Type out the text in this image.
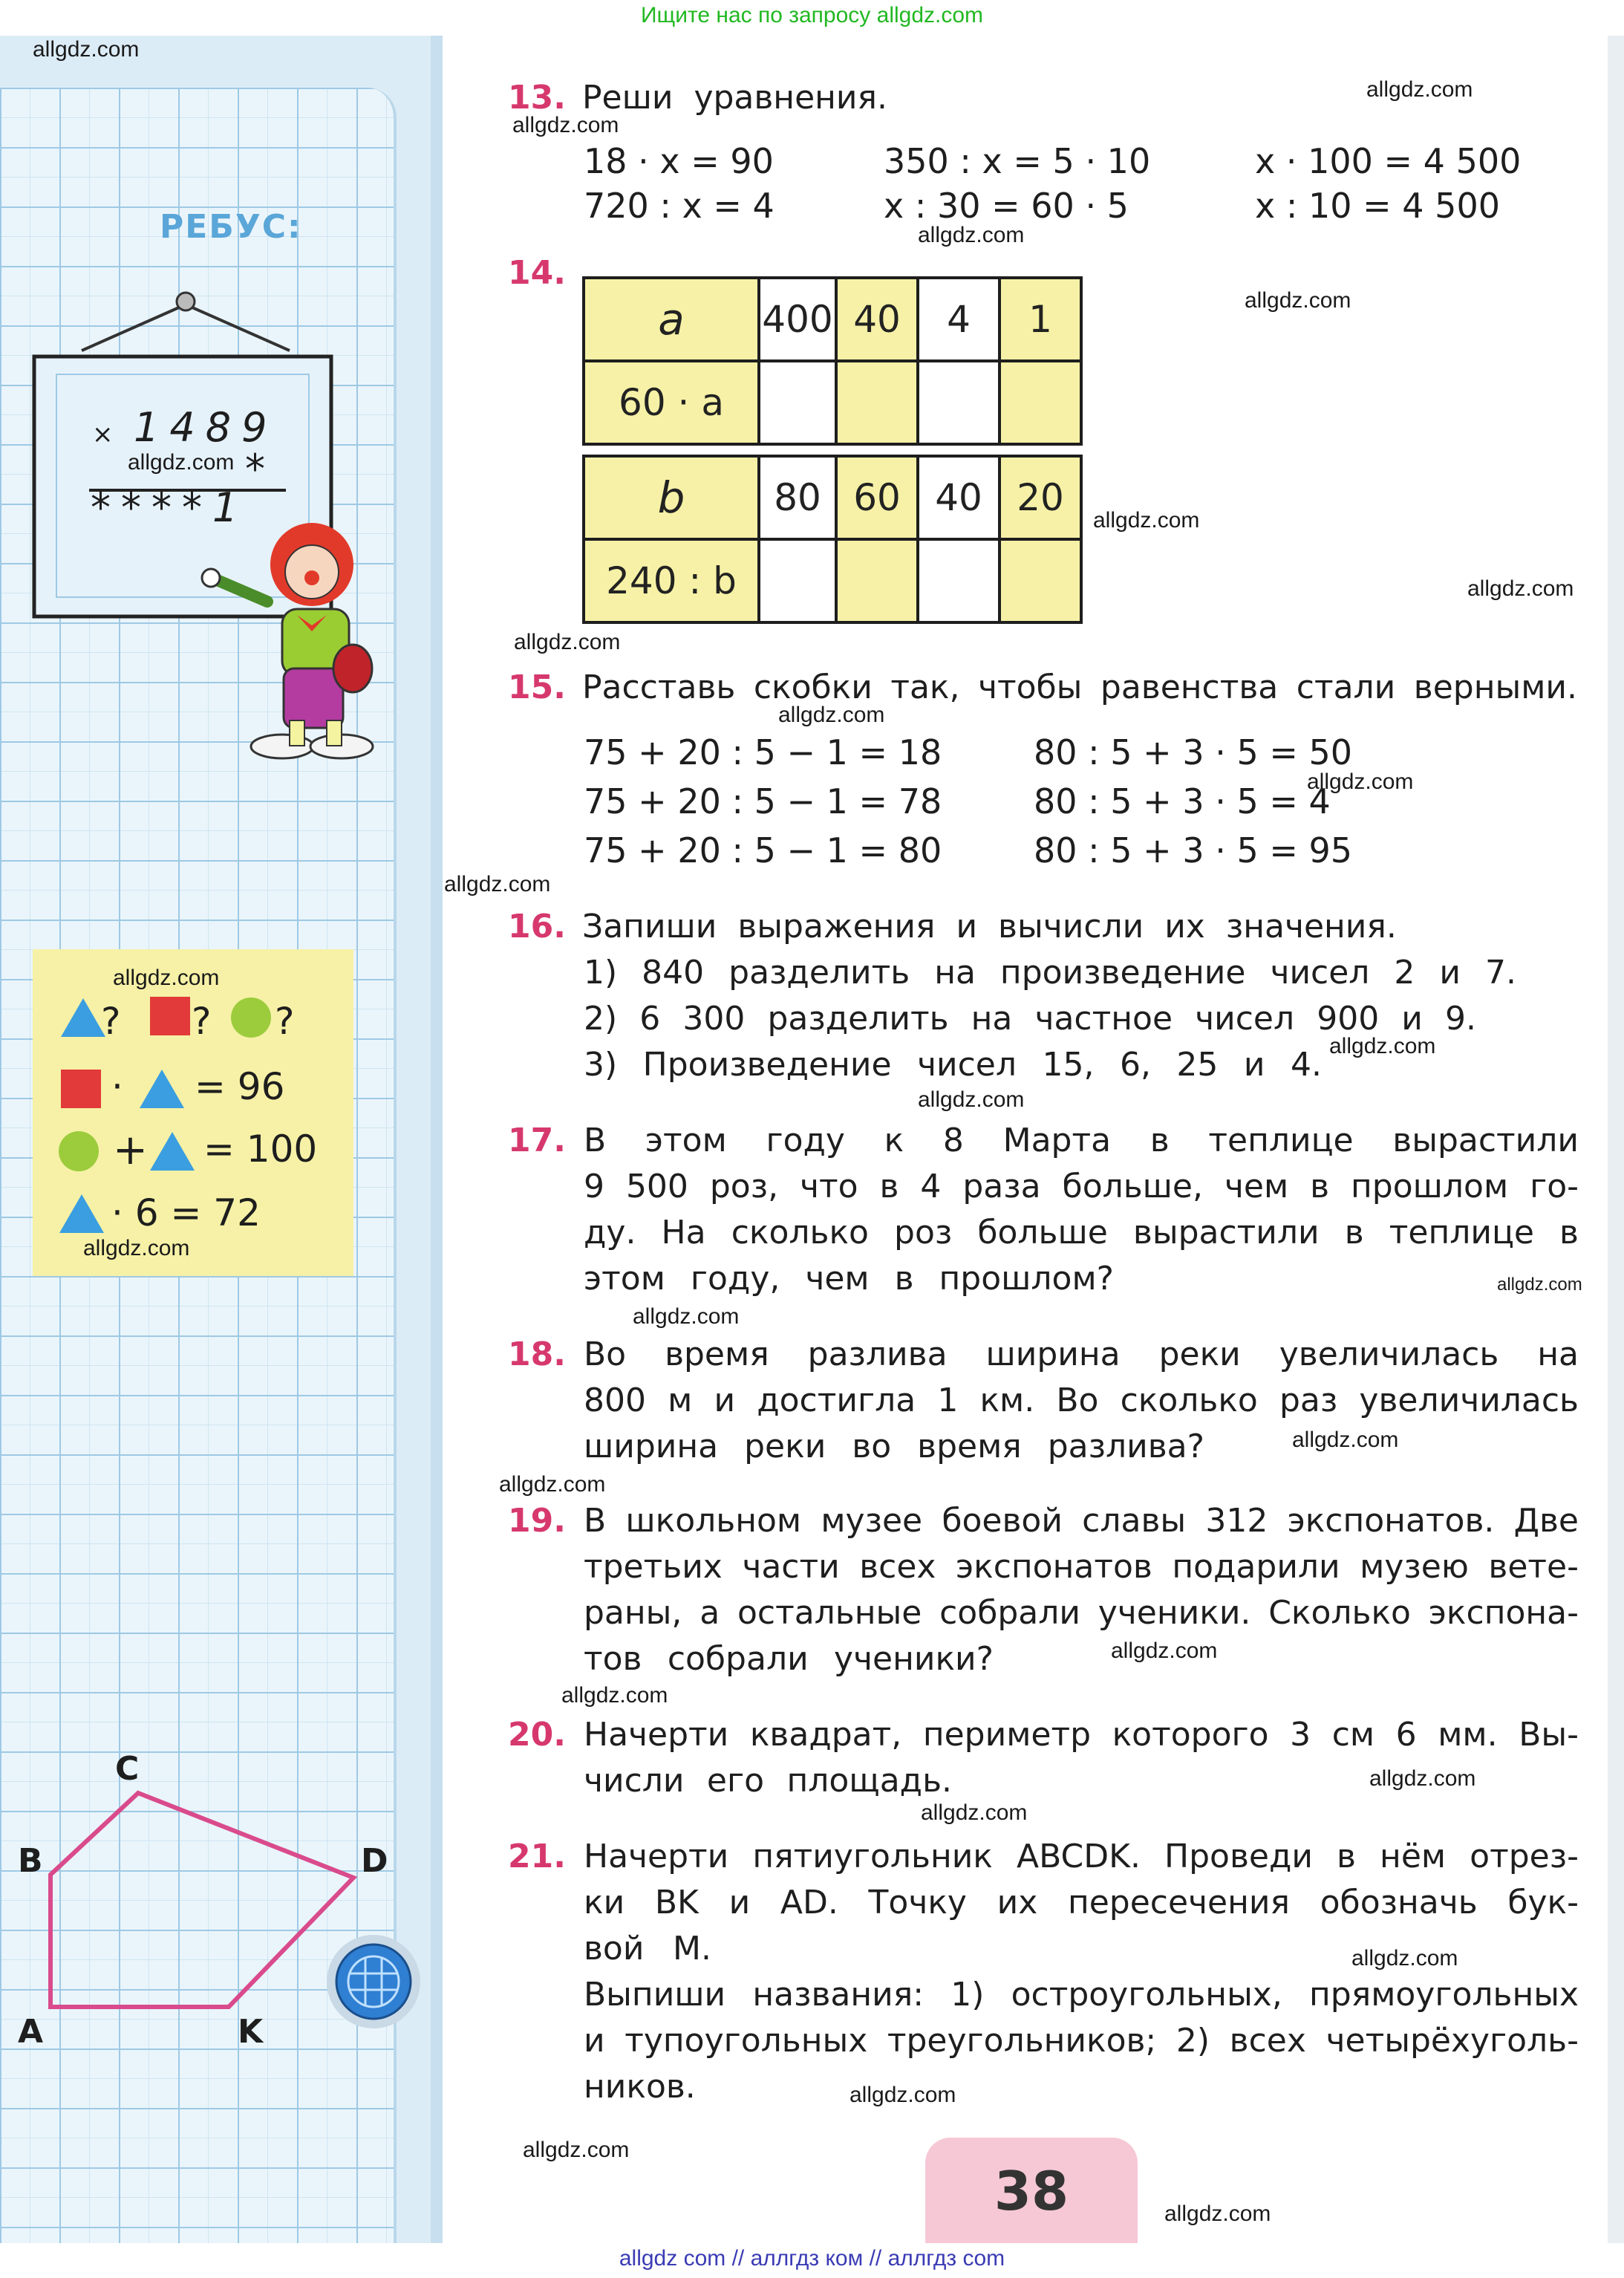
Ищите нас по запросу allgdz.com
РЕБУС:
× 1489
*
****1
? ? ?
· = 96
+ = 100
· 6 = 72
C
B	D
A	K
13. Реши уравнения.
18 · x = 90
720 : x = 4
350 : x = 5 · 10
x : 30 = 60 · 5
x · 100 = 4 500
x : 10 = 4 500
14.
a	400	40	4	1
60 · a				
b	80	60	40	20
240 : b				
15. Расставь скобки так, чтобы равенства стали верными.
75 + 20 : 5 − 1 = 18
75 + 20 : 5 − 1 = 78
75 + 20 : 5 − 1 = 80
80 : 5 + 3 · 5 = 50
80 : 5 + 3 · 5 = 4
80 : 5 + 3 · 5 = 95
16. Запиши выражения и вычисли их значения.
1) 840 разделить на произведение чисел 2 и 7.
2) 6 300 разделить на частное чисел 900 и 9.
3) Произведение чисел 15, 6, 25 и 4.
17. В этом году к 8 Марта в теплице вырастили
9 500 роз, что в 4 раза больше, чем в прошлом го-
ду. На сколько роз больше вырастили в теплице в
этом году, чем в прошлом?
18. Во время разлива ширина реки увеличилась на
800 м и достигла 1 км. Во сколько раз увеличилась
ширина реки во время разлива?
19. В школьном музее боевой славы 312 экспонатов. Две
третьих части всех экспонатов подарили музею вете-
раны, а остальные собрали ученики. Сколько экспона-
тов собрали ученики?
20. Начерти квадрат, периметр которого 3 см 6 мм. Вы-
числи его площадь.
21. Начерти пятиугольник ABCDK. Проведи в нём отрез-
ки BK и AD. Точку их пересечения обозначь бук-
вой M.
Выпиши названия: 1) остроугольных, прямоугольных
и тупоугольных треугольников; 2) всех четырёхуголь-
ников.
38
allgdz.com
allgdz.com
allgdz.com
allgdz.com
allgdz.com
allgdz.com
allgdz.com
allgdz.com
allgdz.com
allgdz.com
allgdz.com
allgdz.com
allgdz.com
allgdz.com
allgdz.com
allgdz.com
allgdz.com
allgdz.com
allgdz.com
allgdz.com
allgdz.com
allgdz.com
allgdz.com
allgdz.com
allgdz.com
allgdz.com
allgdz.com
allgdz.com
allgdz com // аллгдз ком // аллгдз com
